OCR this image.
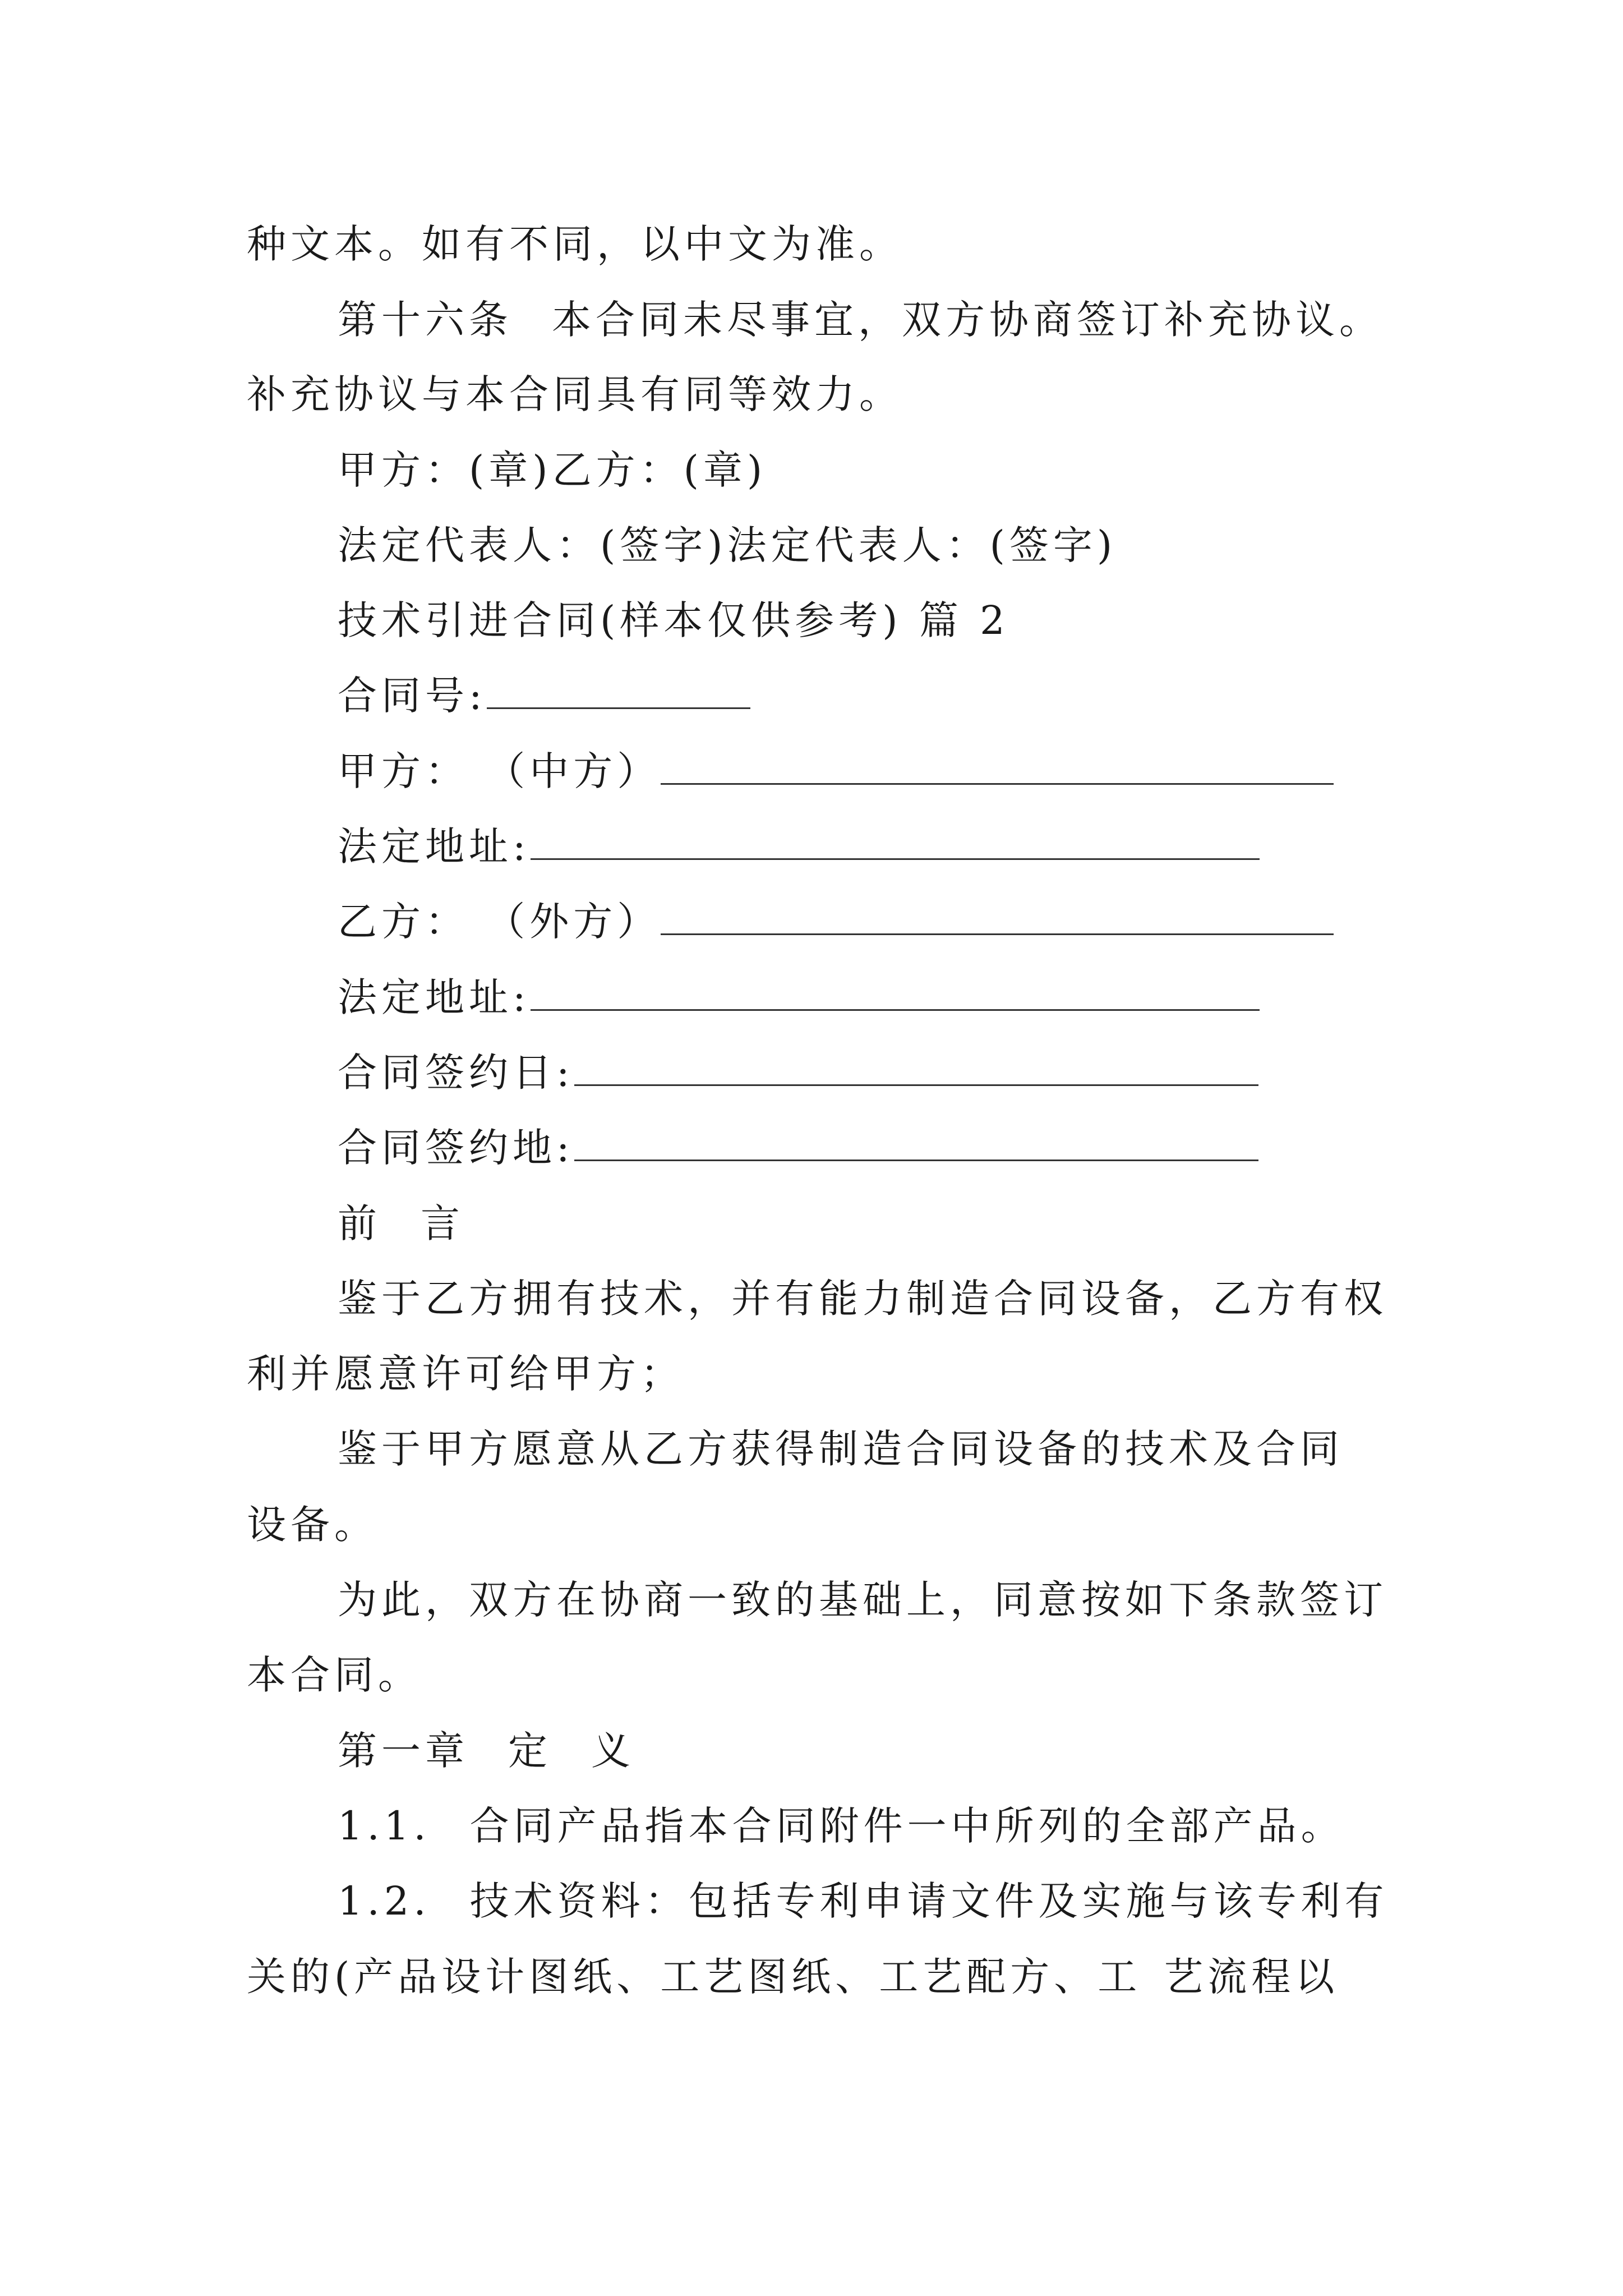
种文本。如有不同，以中文为准。
第十六条 本合同未尽事宜，双方协商签订补充协议。
补充协议与本合同具有同等效力。
甲方：(章)乙方：(章)
法定代表人：(签字)法定代表人：(签字)
技术引进合同(样本仅供参考) 篇 2
合同号:
甲方： （中方）
法定地址:
乙方： （外方）
法定地址:
合同签约日:
合同签约地:
前 言
鉴于乙方拥有技术，并有能力制造合同设备，乙方有权
利并愿意许可给甲方；
鉴于甲方愿意从乙方获得制造合同设备的技术及合同
设备。
为此，双方在协商一致的基础上，同意按如下条款签订
本合同。
第一章 定 义
1.1. 合同产品指本合同附件一中所列的全部产品。
1.2. 技术资料：包括专利申请文件及实施与该专利有
关的(产品设计图纸、工艺图纸、工艺配方、工 艺流程以
